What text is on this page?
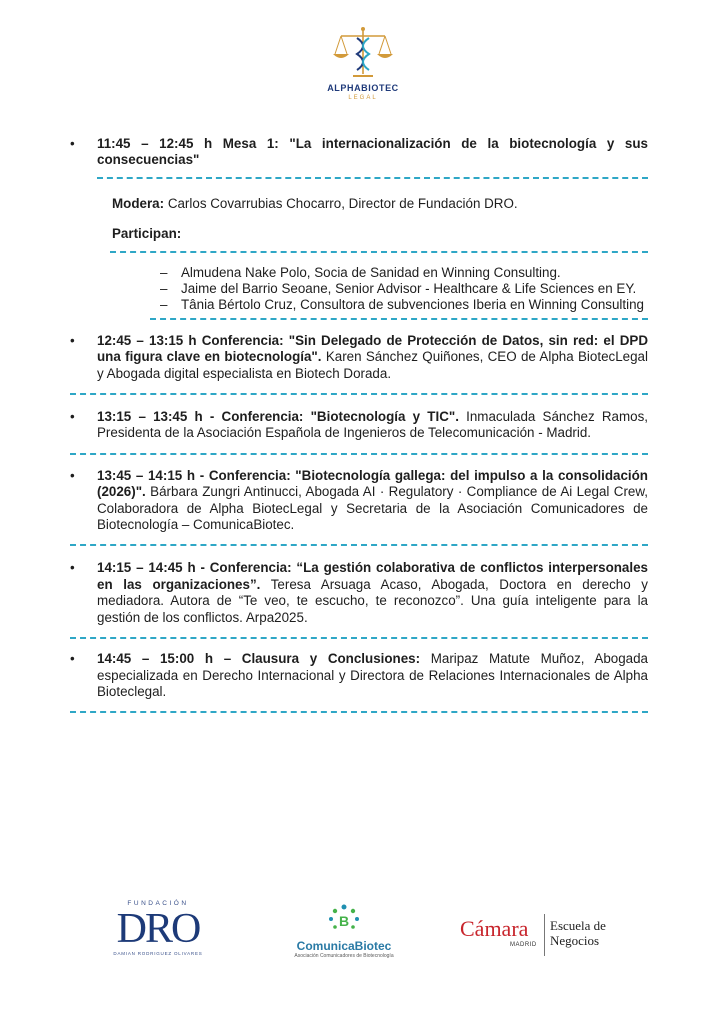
ALPHABIOTEC
LEGAL
•	11:45 – 12:45 h Mesa 1: "La internacionalización de la biotecnología y sus consecuencias"

Modera: Carlos Covarrubias Chocarro, Director de Fundación DRO.

Participan:

– Almudena Nake Polo, Socia de Sanidad en Winning Consulting.
– Jaime del Barrio Seoane, Senior Advisor - Healthcare & Life Sciences en EY.
– Tânia Bértolo Cruz, Consultora de subvenciones Iberia en Winning Consulting
•	12:45 – 13:15 h Conferencia: "Sin Delegado de Protección de Datos, sin red: el DPD una figura clave en biotecnología". Karen Sánchez Quiñones, CEO de Alpha BiotecLegal y Abogada digital especialista en Biotech Dorada.
•	13:15 – 13:45 h - Conferencia: "Biotecnología y TIC". Inmaculada Sánchez Ramos, Presidenta de la Asociación Española de Ingenieros de Telecomunicación - Madrid.
•	13:45 – 14:15 h - Conferencia: "Biotecnología gallega: del impulso a la consolidación (2026)". Bárbara Zungri Antinucci, Abogada AI · Regulatory · Compliance de Ai Legal Crew, Colaboradora de Alpha BiotecLegal y Secretaria de la Asociación Comunicadores de Biotecnología – ComunicaBiotec.
•	14:15 – 14:45 h - Conferencia: “La gestión colaborativa de conflictos interpersonales en las organizaciones”. Teresa Arsuaga Acaso, Abogada, Doctora en derecho y mediadora. Autora de “Te veo, te escucho, te reconozco”. Una guía inteligente para la gestión de los conflictos. Arpa2025.
•	14:45 – 15:00 h – Clausura y Conclusiones: Maripaz Matute Muñoz, Abogada especializada en Derecho Internacional y Directora de Relaciones Internacionales de Alpha Bioteclegal.
FUNDACIÓN
DRO
DAMIAN RODRIGUEZ OLIVARES
B
ComunicaBiotec
Asociación Comunicadores de Biotecnología
Cámara
MADRID
Escuela de
Negocios
